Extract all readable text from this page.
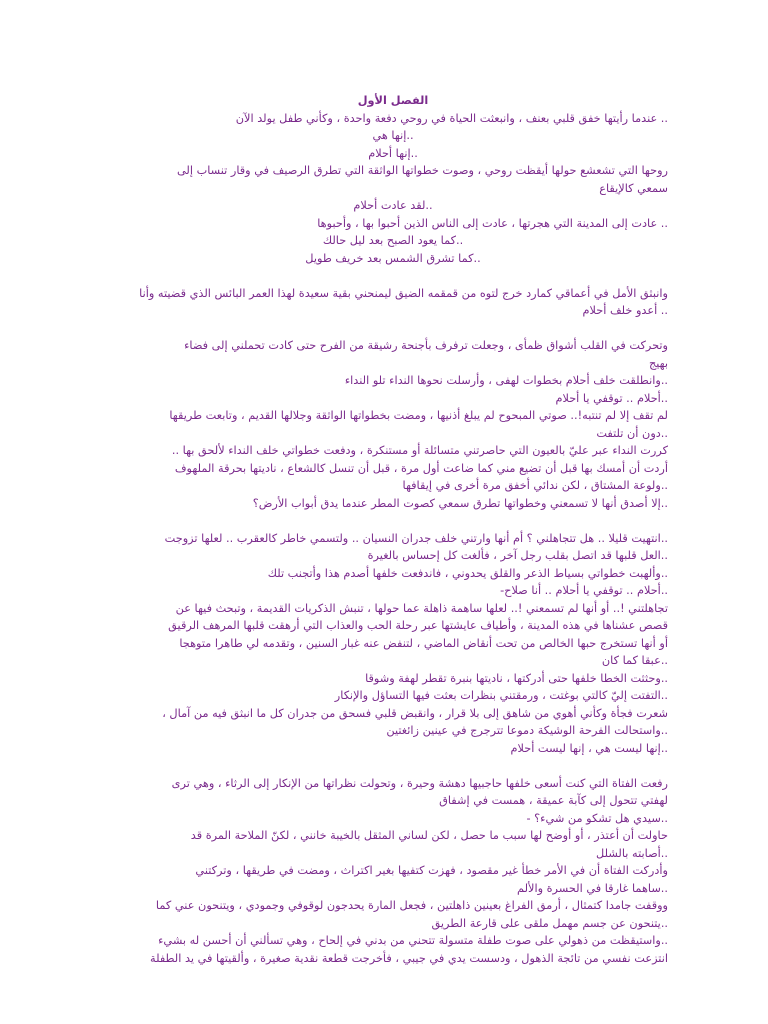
الفصل الأول
.. عندما رأيتها خفق قلبي بعنف ، وانبعثت الحياة في روحي دفعة واحدة ، وكأني طفل يولد الآن
..إنها هي
..إنها أحلام
روحها التي تشعشع حولها أيقظت روحي ، وصوت خطواتها الواثقة التي تطرق الرصيف في وقار تنساب إلى
سمعي كالإيقاع
..لقد عادت أحلام
.. عادت إلى المدينة التي هجرتها ، عادت إلى الناس الذين أحبوا بها ، وأحبوها
..كما يعود الصبح بعد ليل حالك
..كما تشرق الشمس بعد خريف طويل
وانبثق الأمل في أعماقي كمارد خرج لتوه من قمقمه الضيق ليمنحني بقية سعيدة لهذا العمر البائس الذي قضيته وأنا
.. أعدو خلف أحلام
وتحركت في القلب أشواق ظمأى ، وجعلت ترفرف بأجنحة رشيقة من الفرح حتى كادت تحملني إلى فضاء
بهيج
..وانطلقت خلف أحلام بخطوات لهفى ، وأرسلت نحوها النداء تلو النداء
..أحلام .. توقفي يا أحلام
لم تقف إلا لم تنتبه!.. صوتي المبحوح لم يبلغ أذنيها ، ومضت بخطواتها الواثقة وجلالها القديم ، وتابعت طريقها
..دون أن تلتفت
كررت النداء عبر عليّ بالعيون التي حاصرتني متسائلة أو مستنكرة ، ودفعت خطواتي خلف النداء لألحق بها ..
أردت أن أمسك بها قبل أن تضيع مني كما ضاعت أول مرة ، قبل أن تنسل كالشعاع ، ناديتها بحرقة الملهوف
..ولوعة المشتاق ، لكن ندائي أخفق مرة أخرى في إيقافها
..إلا أصدق أنها لا تسمعني وخطواتها تطرق سمعي كصوت المطر عندما يدق أبواب الأرض؟
..انتهيت قليلا .. هل تتجاهلني ؟ أم أنها وارتني خلف جدران النسيان .. ولتسمي خاطر كالعقرب .. لعلها تزوجت
..العل قلبها قد اتصل بقلب رجل آخر ، فألغت كل إحساس بالغيرة
..وألهبت خطواتي بسياط الذعر والقلق يحدوني ، فاندفعت خلفها أصدم هذا وأتجنب تلك
..أحلام .. توقفي يا أحلام .. أنا صلاح-
تجاهلتني !.. أو أنها لم تسمعني !.. لعلها ساهمة ذاهلة عما حولها ، تنبش الذكريات القديمة ، وتبحث فيها عن
قصص عشناها في هذه المدينة ، وأطياف عايشتها عبر رحلة الحب والعذاب التي أرهقت قلبها المرهف الرقيق
أو أنها تستخرج حبها الخالص من تحت أنقاض الماضي ، لتنفض عنه غبار السنين ، وتقدمه لي طاهرا متوهجا
..عبقا كما كان
..وحثثت الخطا خلفها حتى أدركتها ، ناديتها بنبرة تقطر لهفة وشوقا
..التفتت إليّ كالتي بوغتت ، ورمقتني بنظرات بعثت فيها التساؤل والإنكار
شعرت فجأة وكأني أهوي من شاهق إلى بلا قرار ، وانقبض قلبي فسحق من جدران كل ما انبثق فيه من آمال ،
..واستحالت الفرحة الوشيكة دموعا تترجرج في عينين زائغتين
..إنها ليست هي ، إنها ليست أحلام
رفعت الفتاة التي كنت أسعى خلفها حاجبيها دهشة وحيرة ، وتحولت نظراتها من الإنكار إلى الرثاء ، وهي ترى
لهفتي تتحول إلى كآبة عميقة ، همست في إشفاق
..سيدي هل تشكو من شيء؟ -
حاولت أن أعتذر ، أو أوضح لها سبب ما حصل ، لكن لساني المثقل بالخيبة خانني ، لكنّ الملاحة المرة قد
..أصابته بالشلل
وأدركت الفتاة أن في الأمر خطأ غير مقصود ، فهزت كتفيها بغير اكتراث ، ومضت في طريقها ، وتركتني
..ساهما غارقا في الحسرة والألم
ووقفت جامدا كتمثال ، أرمق الفراغ بعينين ذاهلتين ، فجعل المارة يحدجون لوقوفي وجمودي ، ويتنحون عني كما
..يتنحون عن جسم مهمل ملقى على قارعة الطريق
..واستيقظت من ذهولي على صوت طفلة متسولة تتحني من بدني في إلحاح ، وهي تسألني أن أحسن له بشيء
انتزعت نفسي من تائجة الذهول ، ودسست يدي في جيبي ، فأخرجت قطعة نقدية صغيرة ، وألقيتها في يد الطفلة
